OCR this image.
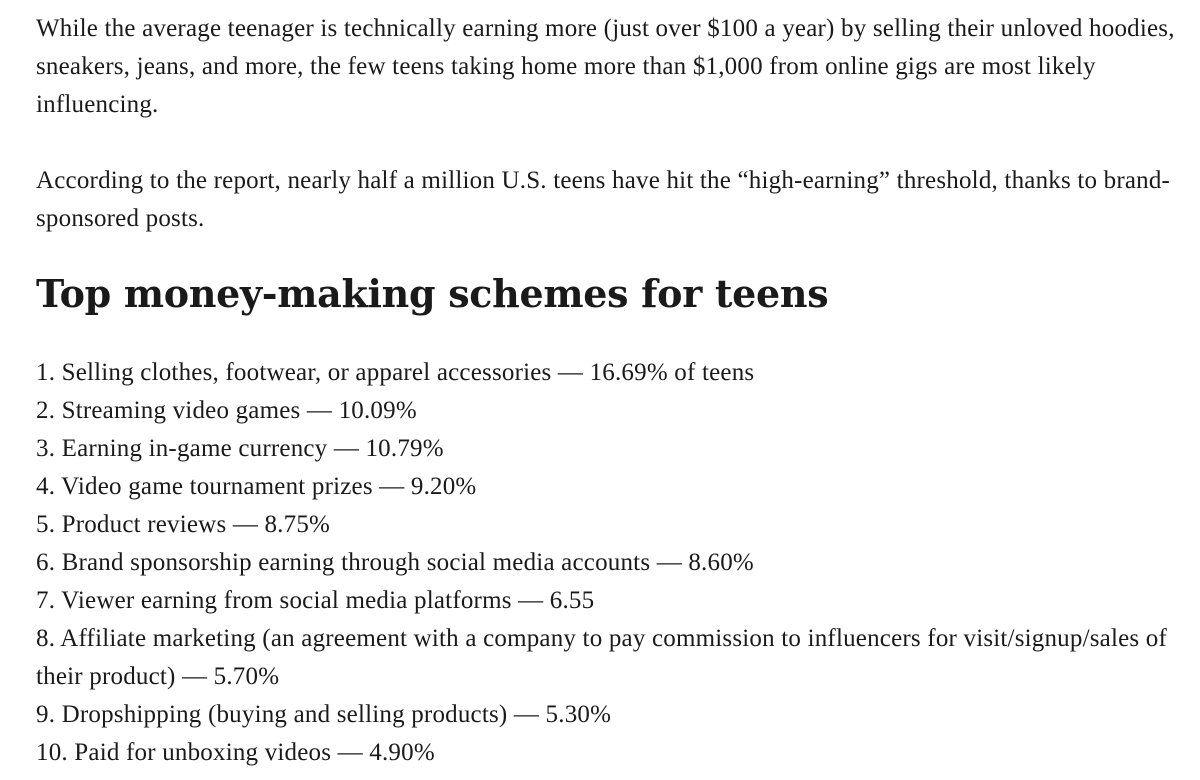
While the average teenager is technically earning more (just over $100 a year) by selling their unloved hoodies, sneakers, jeans, and more, the few teens taking home more than $1,000 from online gigs are most likely influencing.

According to the report, nearly half a million U.S. teens have hit the “high-earning” threshold, thanks to brand-sponsored posts.

Top money-making schemes for teens
1. Selling clothes, footwear, or apparel accessories — 16.69% of teens
2. Streaming video games — 10.09%
3. Earning in-game currency — 10.79%
4. Video game tournament prizes — 9.20%
5. Product reviews — 8.75%
6. Brand sponsorship earning through social media accounts — 8.60%
7. Viewer earning from social media platforms — 6.55
8. Affiliate marketing (an agreement with a company to pay commission to influencers for visit/signup/sales of their product) — 5.70%
9. Dropshipping (buying and selling products) — 5.30%
10. Paid for unboxing videos — 4.90%
